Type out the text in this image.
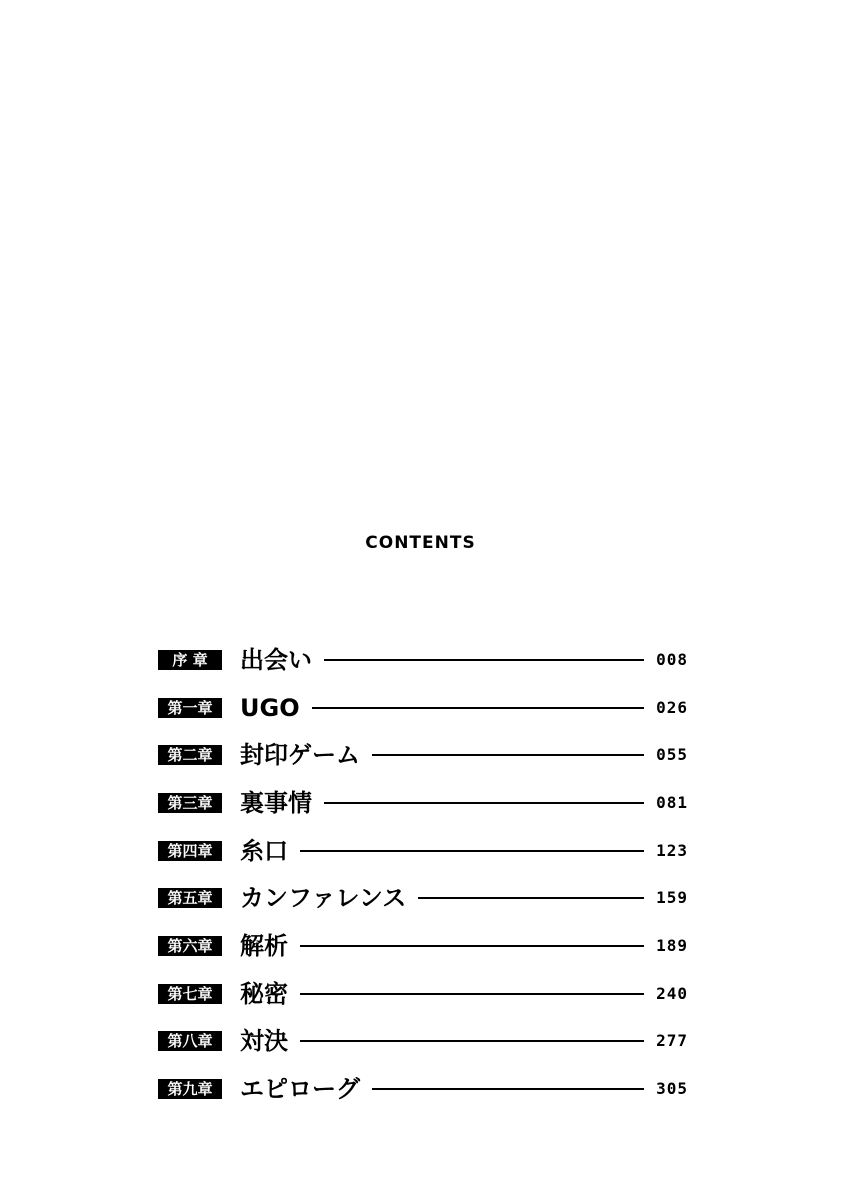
CONTENTS
序 章	出会い	008
第一章	UGO	026
第二章	封印ゲーム	055
第三章	裏事情	081
第四章	糸口	123
第五章	カンファレンス	159
第六章	解析	189
第七章	秘密	240
第八章	対決	277
第九章	エピローグ	305
